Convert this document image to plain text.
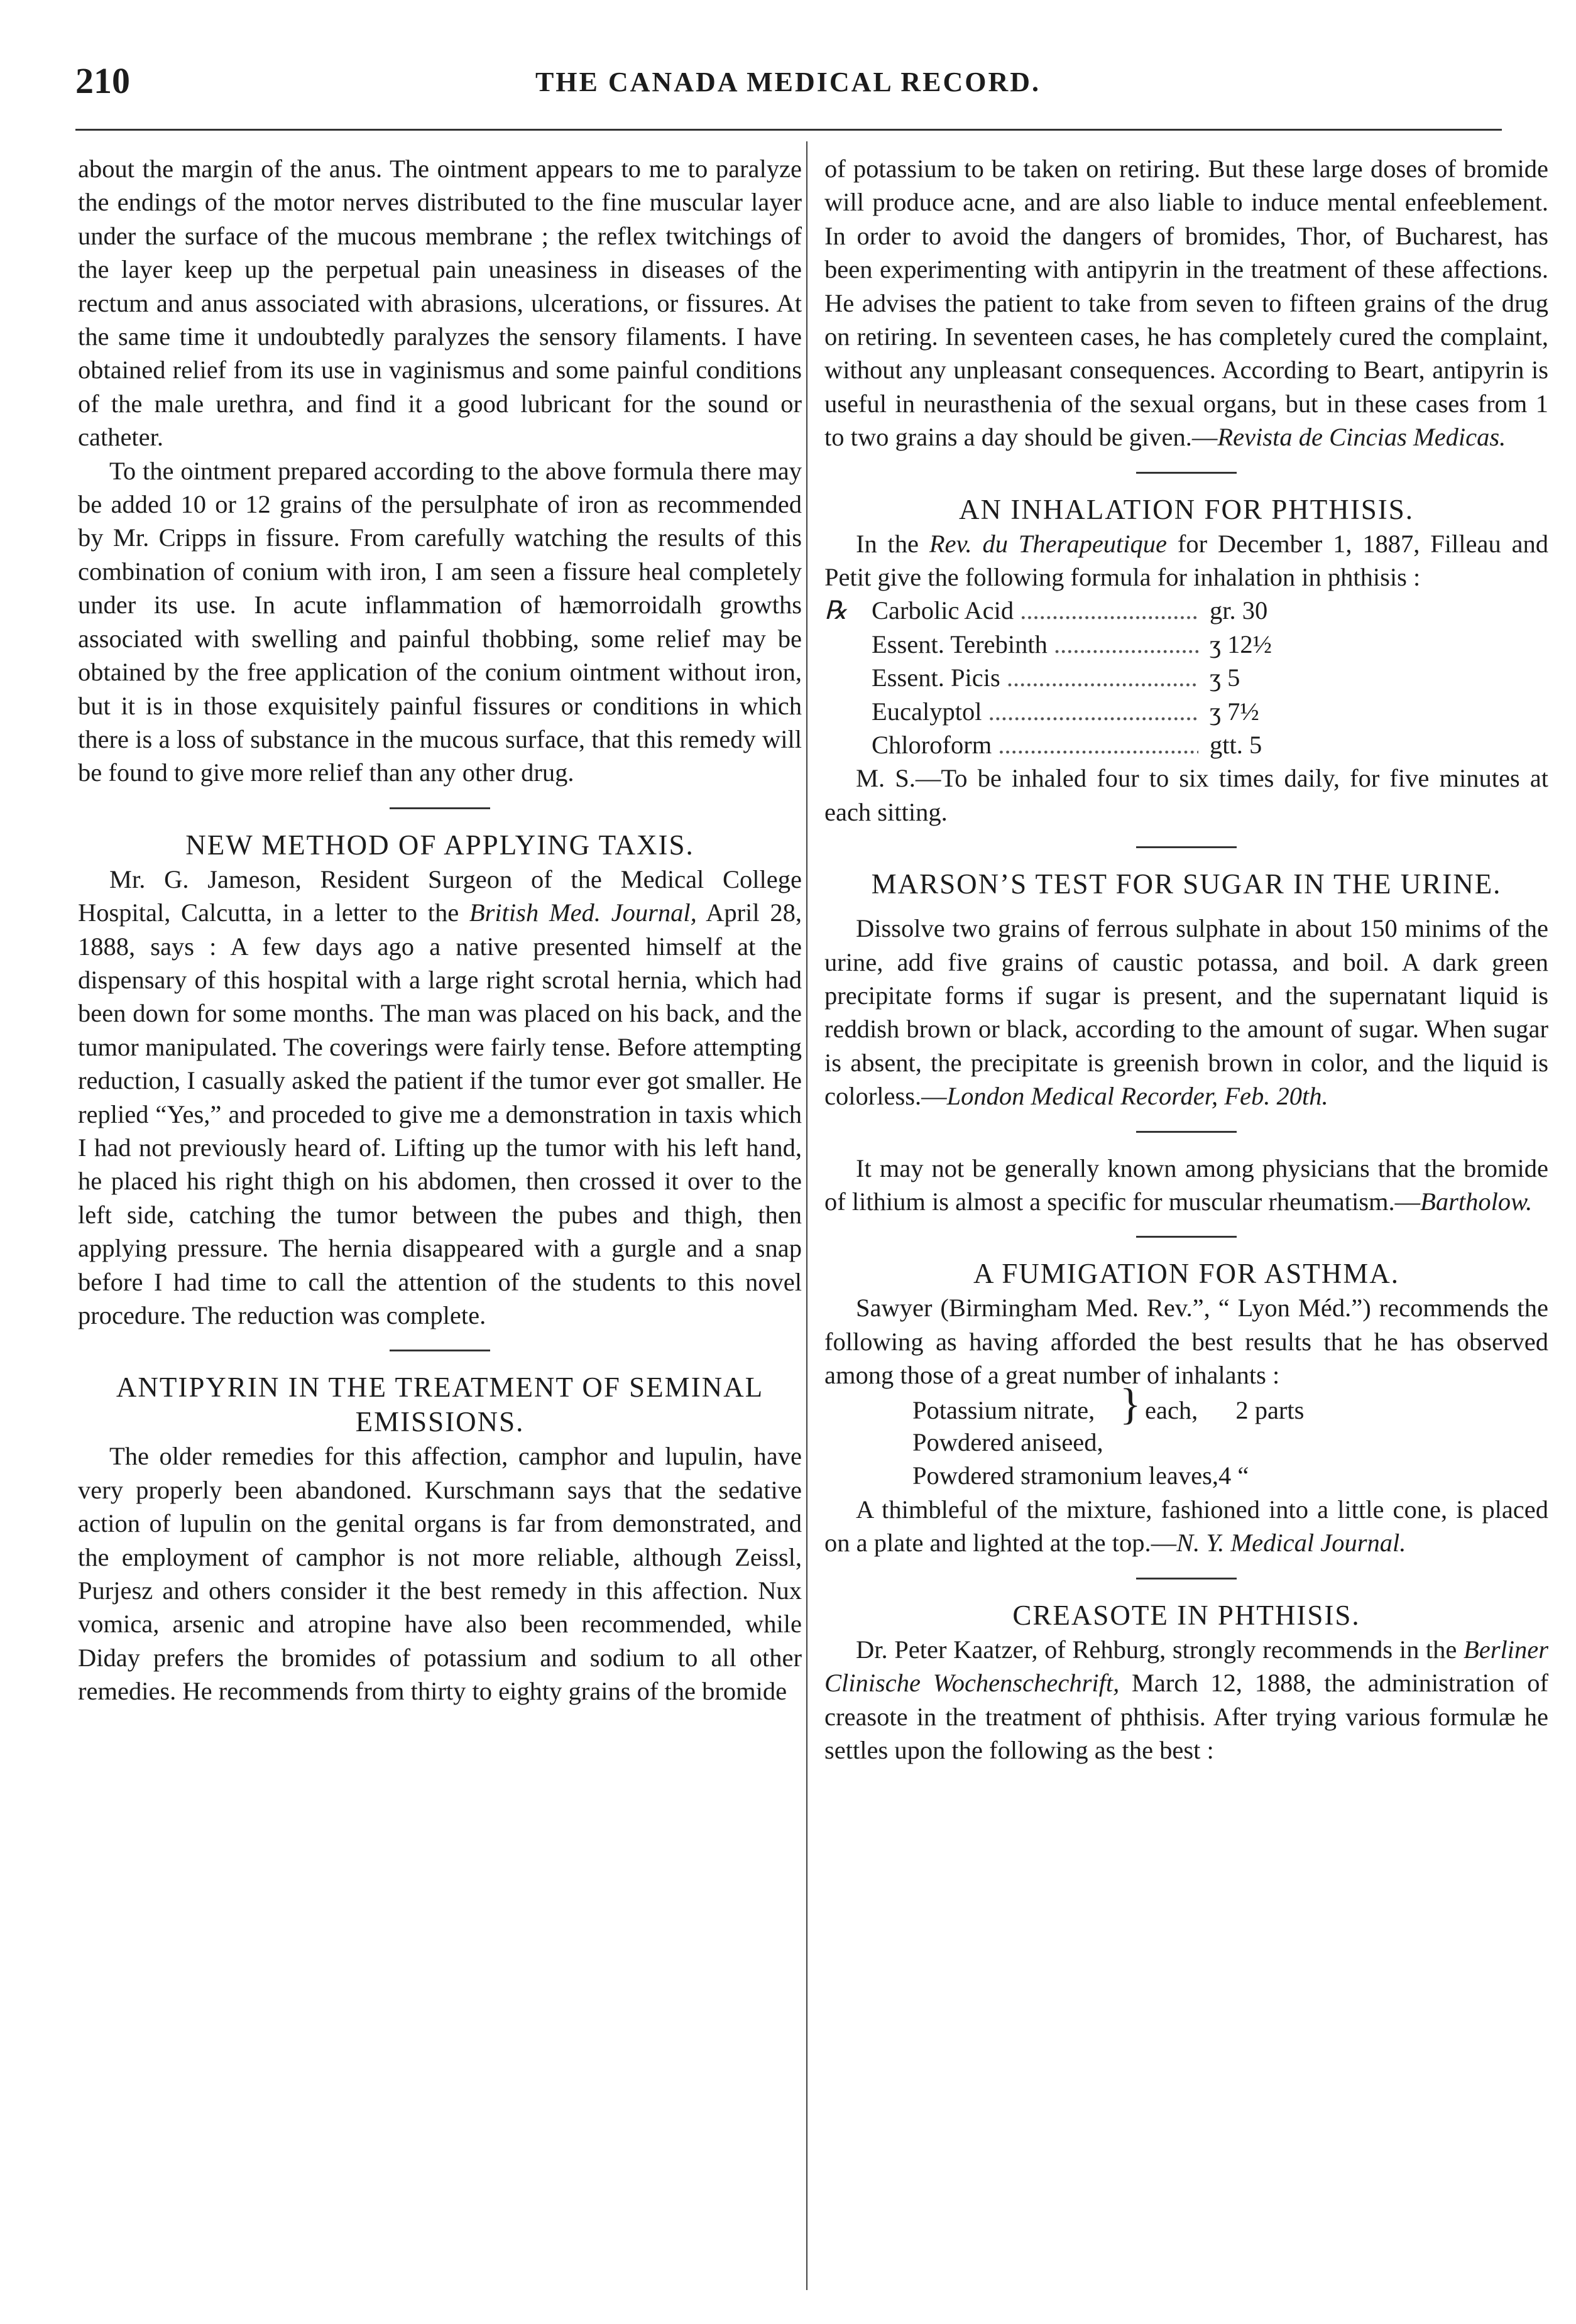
210	THE CANADA MEDICAL RECORD.

about the margin of the anus. The ointment appears to me to paralyze the endings of the motor nerves distributed to the fine muscular layer under the surface of the mucous membrane ; the reflex twitchings of the layer keep up the perpetual pain uneasiness in diseases of the rectum and anus associated with abrasions, ulcerations, or fissures. At the same time it undoubtedly paralyzes the sensory filaments. I have obtained relief from its use in vaginismus and some painful conditions of the male urethra, and find it a good lubricant for the sound or catheter.

To the ointment prepared according to the above formula there may be added 10 or 12 grains of the persulphate of iron as recommended by Mr. Cripps in fissure. From carefully watching the results of this combination of conium with iron, I am seen a fissure heal completely under its use. In acute inflammation of hæmorroidalh growths associated with swelling and painful thobbing, some relief may be obtained by the free application of the conium ointment without iron, but it is in those exquisitely painful fissures or conditions in which there is a loss of substance in the mucous surface, that this remedy will be found to give more relief than any other drug.

NEW METHOD OF APPLYING TAXIS.

Mr. G. Jameson, Resident Surgeon of the Medical College Hospital, Calcutta, in a letter to the British Med. Journal, April 28, 1888, says : A few days ago a native presented himself at the dispensary of this hospital with a large right scrotal hernia, which had been down for some months. The man was placed on his back, and the tumor manipulated. The coverings were fairly tense. Before attempting reduction, I casually asked the patient if the tumor ever got smaller. He replied “Yes,” and proceded to give me a demonstration in taxis which I had not previously heard of. Lifting up the tumor with his left hand, he placed his right thigh on his abdomen, then crossed it over to the left side, catching the tumor between the pubes and thigh, then applying pressure. The hernia disappeared with a gurgle and a snap before I had time to call the attention of the students to this novel procedure. The reduction was complete.

ANTIPYRIN IN THE TREATMENT OF SEMINAL EMISSIONS.

The older remedies for this affection, camphor and lupulin, have very properly been abandoned. Kurschmann says that the sedative action of lupulin on the genital organs is far from demonstrated, and the employment of camphor is not more reliable, although Zeissl, Purjesz and others consider it the best remedy in this affection. Nux vomica, arsenic and atropine have also been recommended, while Diday prefers the bromides of potassium and sodium to all other remedies. He recommends from thirty to eighty grains of the bromide

of potassium to be taken on retiring. But these large doses of bromide will produce acne, and are also liable to induce mental enfeeblement. In order to avoid the dangers of bromides, Thor, of Bucharest, has been experimenting with antipyrin in the treatment of these affections. He advises the patient to take from seven to fifteen grains of the drug on retiring. In seventeen cases, he has completely cured the complaint, without any unpleasant consequences. According to Beart, antipyrin is useful in neurasthenia of the sexual organs, but in these cases from 1 to two grains a day should be given.—Revista de Cincias Medicas.

AN INHALATION FOR PHTHISIS.

In the Rev. du Therapeutique for December 1, 1887, Filleau and Petit give the following formula for inhalation in phthisis :

℞ Carbolic Acid .....	gr. 30
Essent. Terebinth .....	ʒ 12½
Essent. Picis .....	ʒ 5
Eucalyptol .....	ʒ 7½
Chloroform .....	gtt. 5

M. S.—To be inhaled four to six times daily, for five minutes at each sitting.

MARSON’S TEST FOR SUGAR IN THE URINE.

Dissolve two grains of ferrous sulphate in about 150 minims of the urine, add five grains of caustic potassa, and boil. A dark green precipitate forms if sugar is present, and the supernatant liquid is reddish brown or black, according to the amount of sugar. When sugar is absent, the precipitate is greenish brown in color, and the liquid is colorless.—London Medical Recorder, Feb. 20th.

It may not be generally known among physicians that the bromide of lithium is almost a specific for muscular rheumatism.—Bartholow.

A FUMIGATION FOR ASTHMA.

Sawyer (Birmingham Med. Rev.”, “ Lyon Méd.”) recommends the following as having afforded the best results that he has observed among those of a great number of inhalants :

Potassium nitrate, } each,	2 parts
Powdered aniseed,
Powdered stramonium leaves,4 “

A thimbleful of the mixture, fashioned into a little cone, is placed on a plate and lighted at the top.—N. Y. Medical Journal.

CREASOTE IN PHTHISIS.

Dr. Peter Kaatzer, of Rehburg, strongly recommends in the Berliner Clinische Wochenschechrift, March 12, 1888, the administration of creasote in the treatment of phthisis. After trying various formulæ he settles upon the following as the best :
